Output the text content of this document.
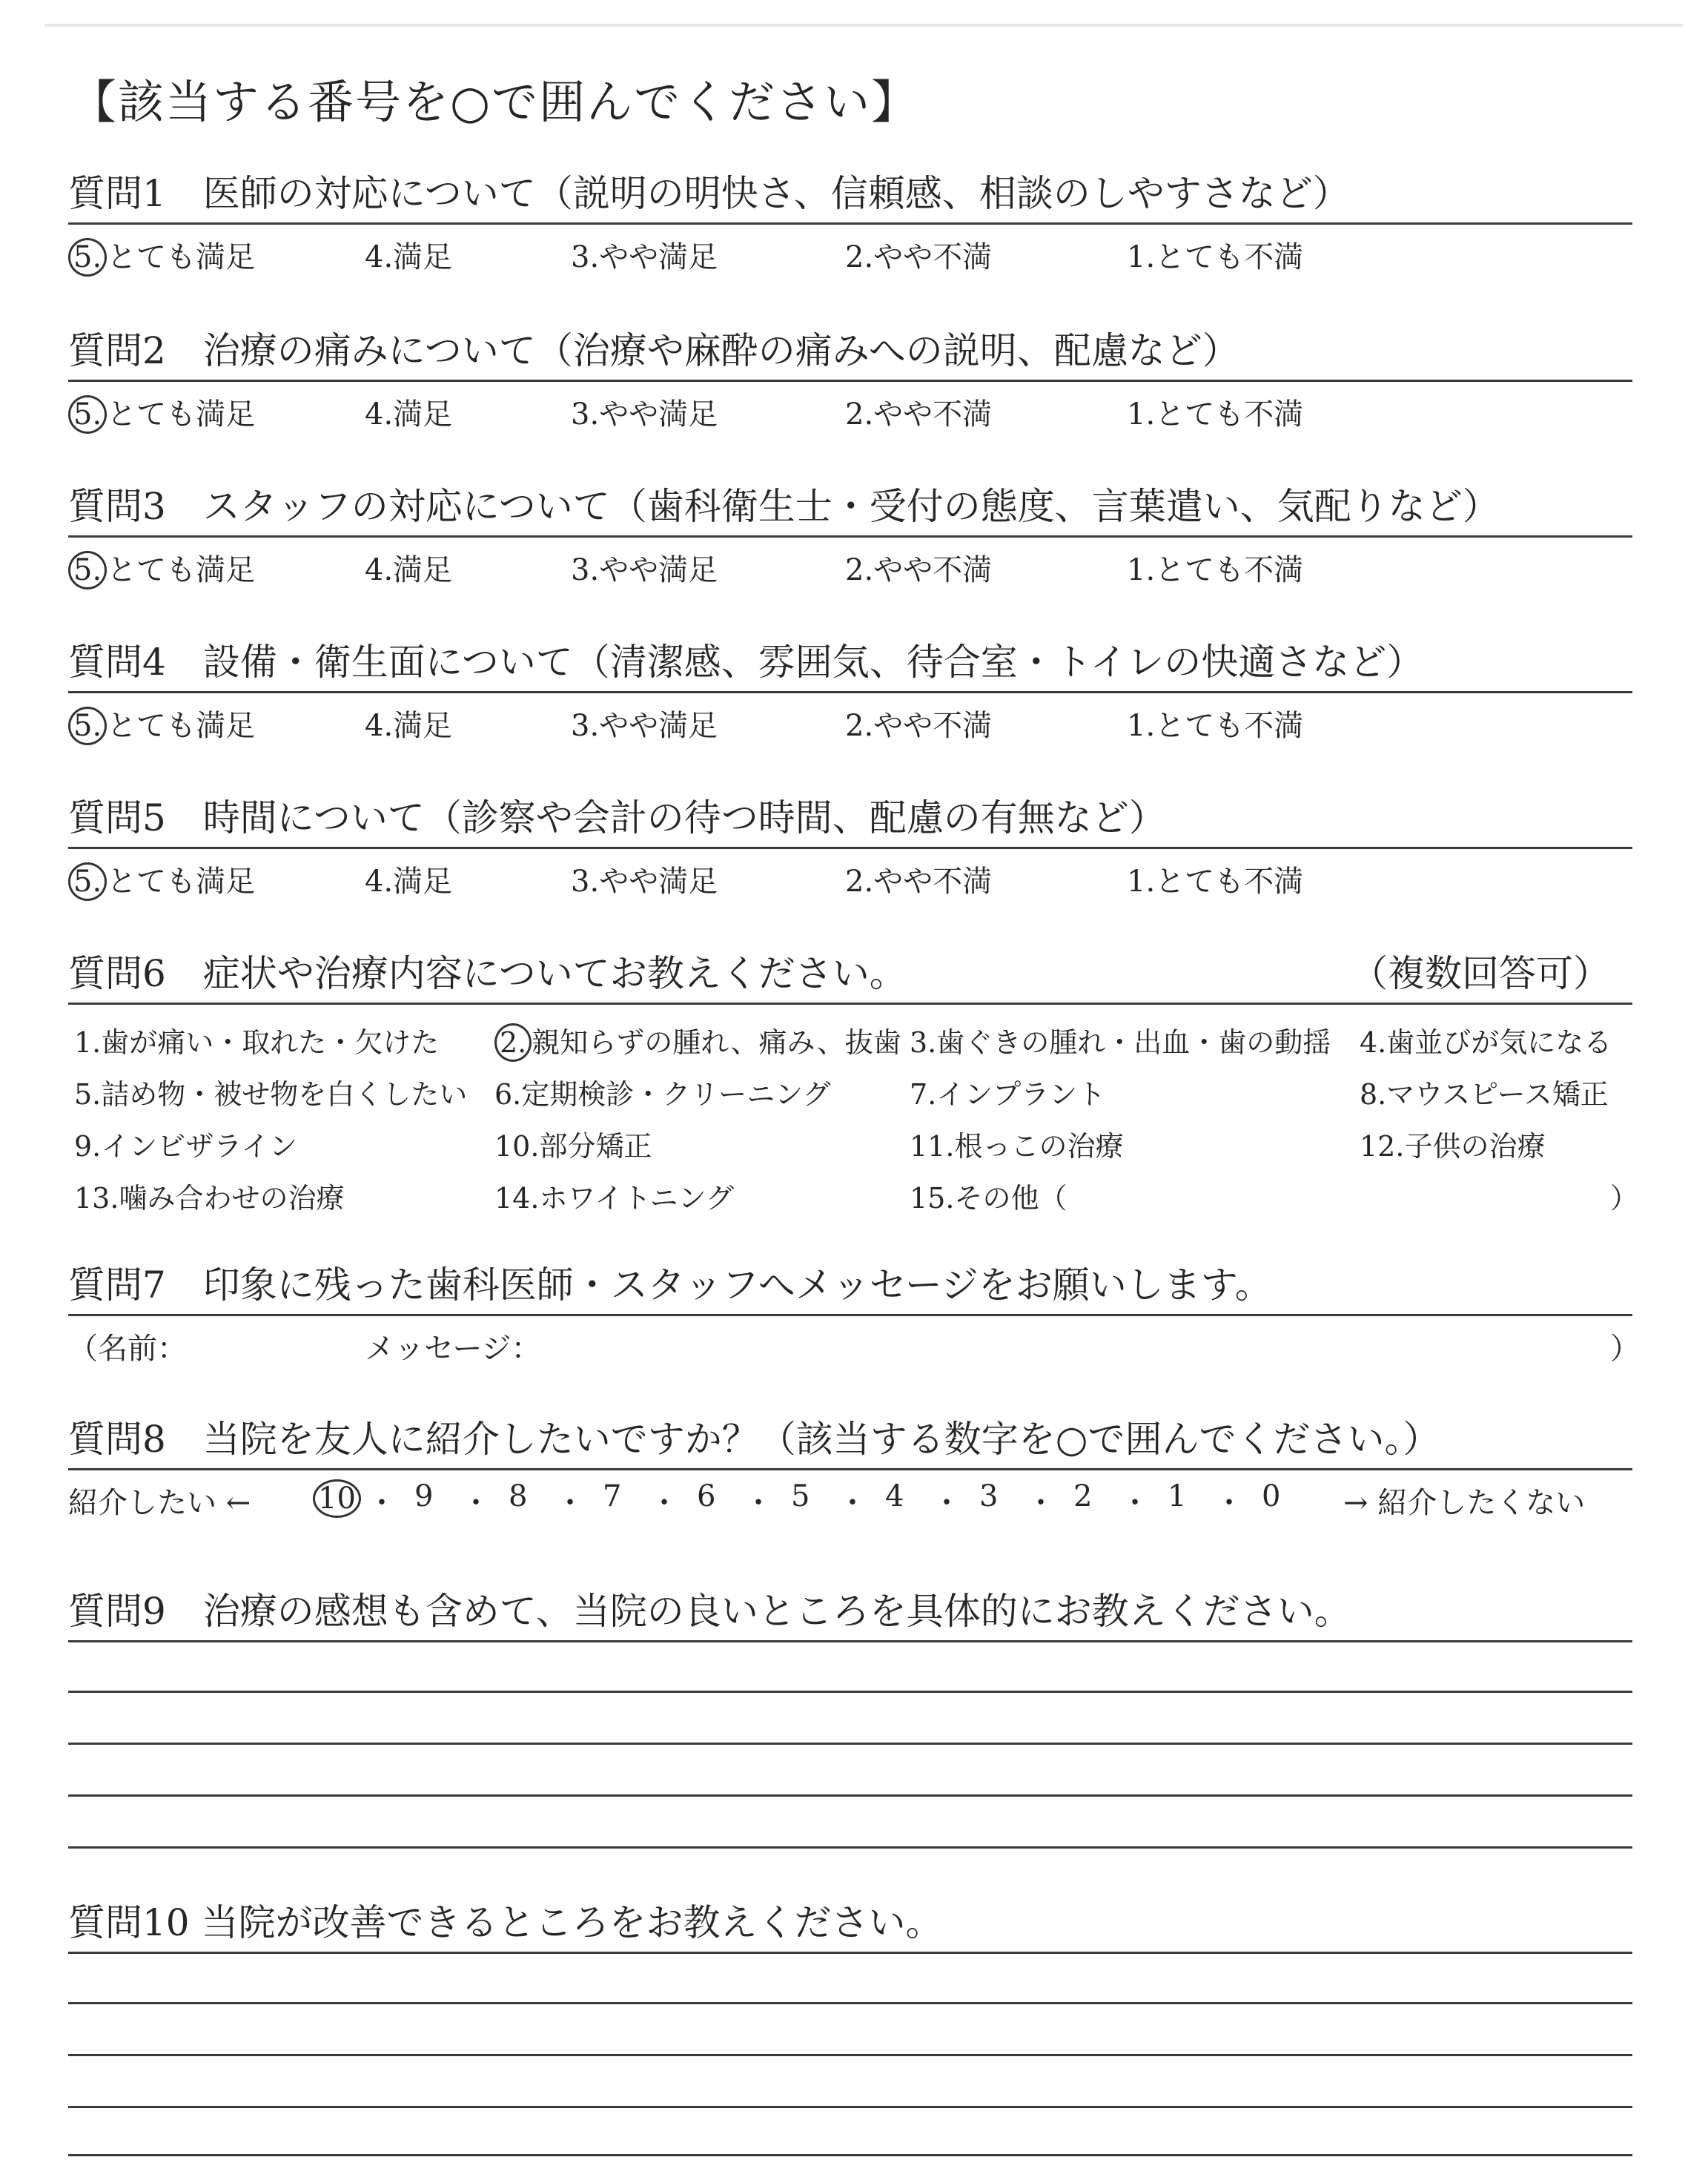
【該当する番号を○で囲んでください】
質問1　医師の対応について（説明の明快さ、信頼感、相談のしやすさなど）
5. とても満足	4.満足	3.やや満足	2.やや不満	1.とても不満
質問2　治療の痛みについて（治療や麻酔の痛みへの説明、配慮など）
5. とても満足	4.満足	3.やや満足	2.やや不満	1.とても不満
質問3　スタッフの対応について（歯科衛生士・受付の態度、言葉遣い、気配りなど）
5. とても満足	4.満足	3.やや満足	2.やや不満	1.とても不満
質問4　設備・衛生面について（清潔感、雰囲気、待合室・トイレの快適さなど）
5. とても満足	4.満足	3.やや満足	2.やや不満	1.とても不満
質問5　時間について（診察や会計の待つ時間、配慮の有無など）
5. とても満足	4.満足	3.やや満足	2.やや不満	1.とても不満
質問6　症状や治療内容についてお教えください。	（複数回答可）
1.歯が痛い・取れた・欠けた 2. 親知らずの腫れ、痛み、抜歯 3.歯ぐきの腫れ・出血・歯の動揺 4.歯並びが気になる
5.詰め物・被せ物を白くしたい 6.定期検診・クリーニング	7.インプラント	8.マウスピース矯正
9.インビザライン	10.部分矯正	11.根っこの治療	12.子供の治療
13.噛み合わせの治療	14.ホワイトニング	15.その他（	）
質問7　印象に残った歯科医師・スタッフへメッセージをお願いします。
（名前：	メッセージ：	）
質問8　当院を友人に紹介したいですか？（該当する数字を○で囲んでください。）
紹介したい ←	→ 紹介したくない
10 ・ 9 ・ 8 ・ 7 ・ 6 ・ 5 ・ 4 ・ 3 ・ 2 ・ 1 ・ 0
質問9　治療の感想も含めて、当院の良いところを具体的にお教えください。
質問10 当院が改善できるところをお教えください。
